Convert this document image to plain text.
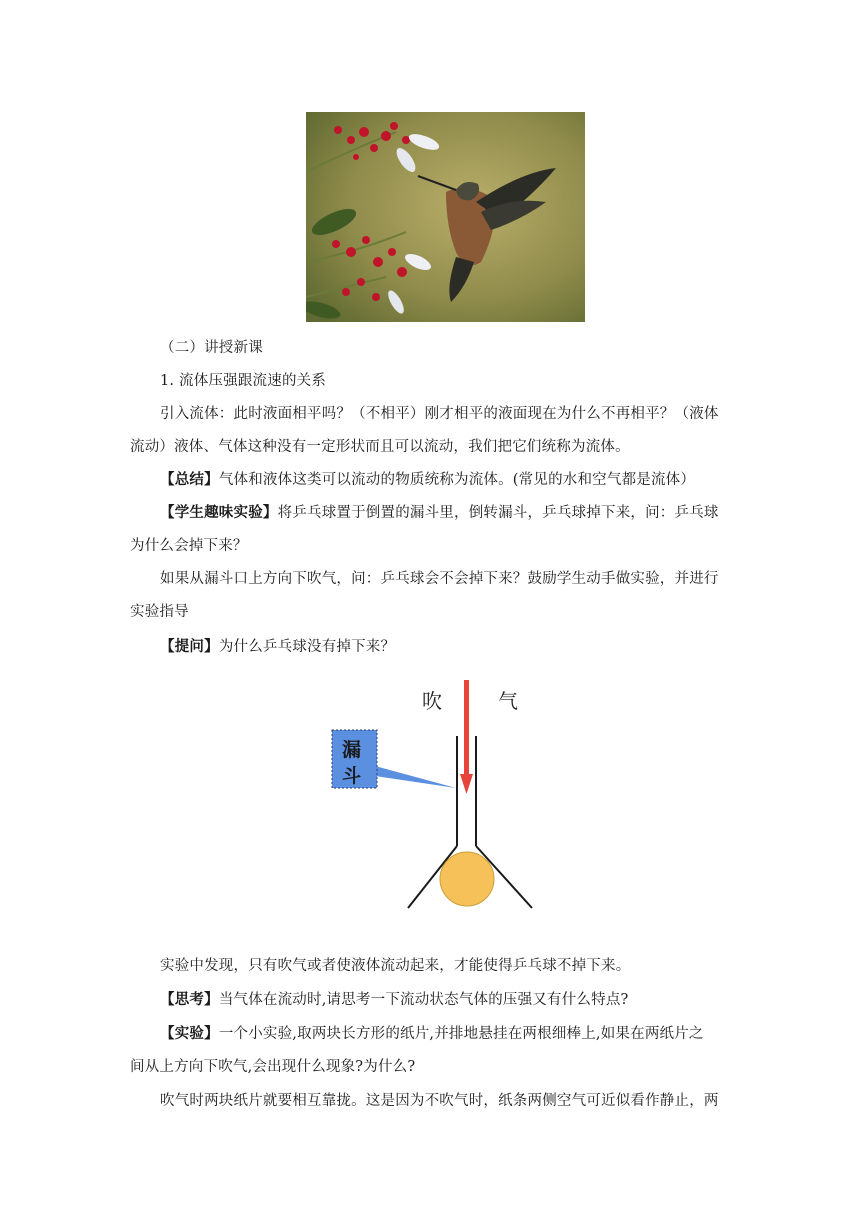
（二）讲授新课
1. 流体压强跟流速的关系
引入流体：此时液面相平吗？（不相平）刚才相平的液面现在为什么不再相平？（液体
流动）液体、气体这种没有一定形状而且可以流动，我们把它们统称为流体。
【总结】气体和液体这类可以流动的物质统称为流体。(常见的水和空气都是流体）
【学生趣味实验】将乒乓球置于倒置的漏斗里，倒转漏斗，乒乓球掉下来，问：乒乓球
为什么会掉下来？
如果从漏斗口上方向下吹气，问：乒乓球会不会掉下来？鼓励学生动手做实验，并进行
实验指导
【提问】为什么乒乓球没有掉下来？
吹	气
漏
斗
实验中发现，只有吹气或者使液体流动起来，才能使得乒乓球不掉下来。
【思考】当气体在流动时,请思考一下流动状态气体的压强又有什么特点?
【实验】一个小实验,取两块长方形的纸片,并排地悬挂在两根细棒上,如果在两纸片之
间从上方向下吹气,会出现什么现象?为什么?
吹气时两块纸片就要相互靠拢。这是因为不吹气时，纸条两侧空气可近似看作静止，两
